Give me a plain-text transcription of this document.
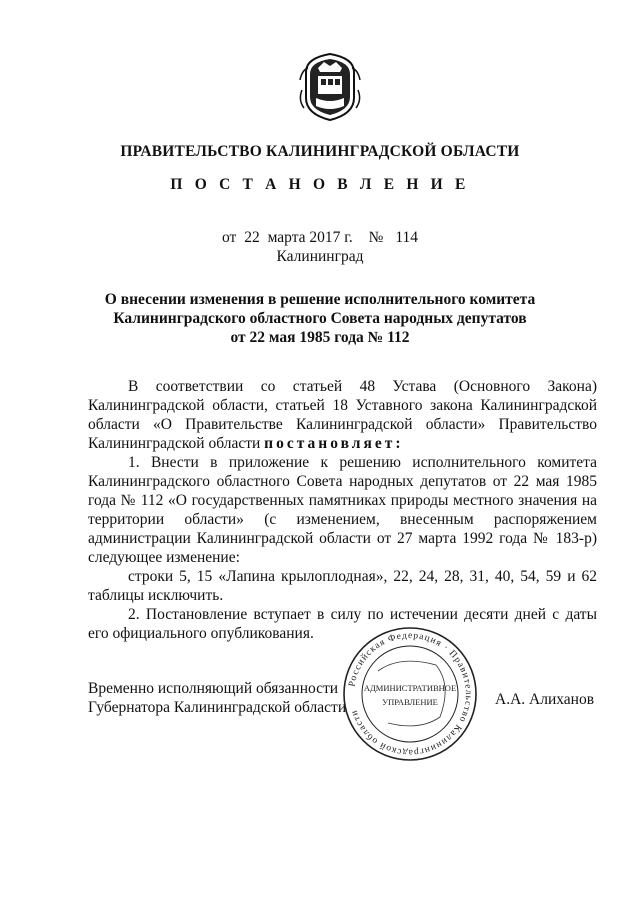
ПРАВИТЕЛЬСТВО КАЛИНИНГРАДСКОЙ ОБЛАСТИ
П О С Т А Н О В Л Е Н И Е
от 22 марта 2017 г. № 114
Калининград
О внесении изменения в решение исполнительного комитета
Калининградского областного Совета народных депутатов
от 22 мая 1985 года № 112

В соответствии со статьей 48 Устава (Основного Закона) Калининградской области, статьей 18 Уставного закона Калининградской области «О Правительстве Калининградской области» Правительство Калининградской области постановляет:

1. Внести в приложение к решению исполнительного комитета Калининградского областного Совета народных депутатов от 22 мая 1985 года № 112 «О государственных памятниках природы местного значения на территории области» (с изменением, внесенным распоряжением администрации Калининградской области от 27 марта 1992 года № 183-р) следующее изменение:

строки 5, 15 «Лапина крылоплодная», 22, 24, 28, 31, 40, 54, 59 и 62 таблицы исключить.

2. Постановление вступает в силу по истечении десяти дней с даты его официального опубликования.

Временно исполняющий обязанности
Губернатора Калининградской области
Российская Федерация · Правительство Калининградской области
АДМИНИСТРАТИВНОЕ
УПРАВЛЕНИЕ	А.А. Алиханов
